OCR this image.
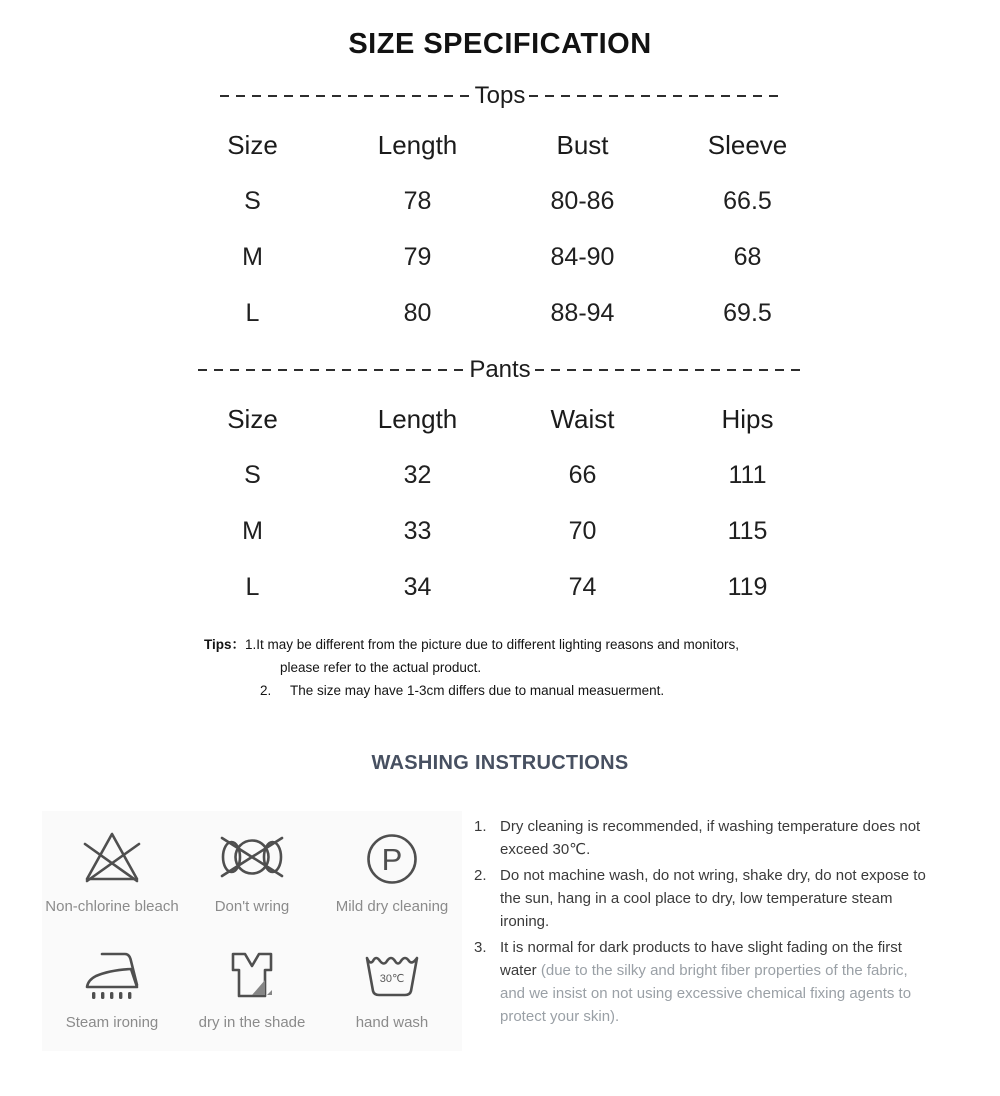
SIZE SPECIFICATION
Tops
Size	Length	Bust	Sleeve
S	78	80-86	66.5
M	79	84-90	68
L	80	88-94	69.5
Pants
Size	Length	Waist	Hips
S	32	66	111
M	33	70	115
L	34	74	119
Tips：1.It may be different from the picture due to different lighting reasons and monitors,
please refer to the actual product.
2. The size may have 1-3cm differs due to manual measuerment.
WASHING INSTRUCTIONS
Non-chlorine bleach Don't wring
P
Mild dry cleaning
Steam ironing	dry in the shade
30℃
hand wash
1. Dry cleaning is recommended, if washing temperature does not exceed 30℃.
2. Do not machine wash, do not wring, shake dry, do not expose to the sun, hang in a cool place to dry, low temperature steam ironing.
3. It is normal for dark products to have slight fading on the first water (due to the silky and bright fiber properties of the fabric, and we insist on not using excessive chemical fixing agents to protect your skin).
